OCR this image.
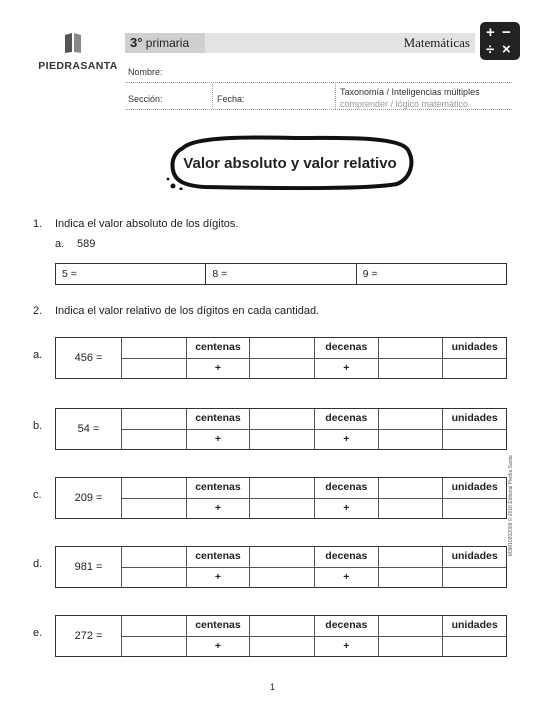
PIEDRASANTA
3° primaria	Matemáticas
+ −
÷ ×
Nombre:
Sección:	Fecha:
Taxonomía / Inteligencias múltiples
comprender / lógico matemático
Valor absoluto y valor relativo
1. Indica el valor absoluto de los dígitos.
a. 589
5 =	8 =	9 =
2. Indica el valor relativo de los dígitos en cada cantidad.
a.	456 =
centenas	decenas	unidades
+	+
b.	54 =
centenas	decenas	unidades
+	+
c.	209 =
centenas	decenas	unidades
+	+
d.	981 =
centenas	decenas	unidades
+	+
e.	272 =
centenas	decenas	unidades
+	+
1
M3M10202009 © 2016 Editorial Piedra Santa
